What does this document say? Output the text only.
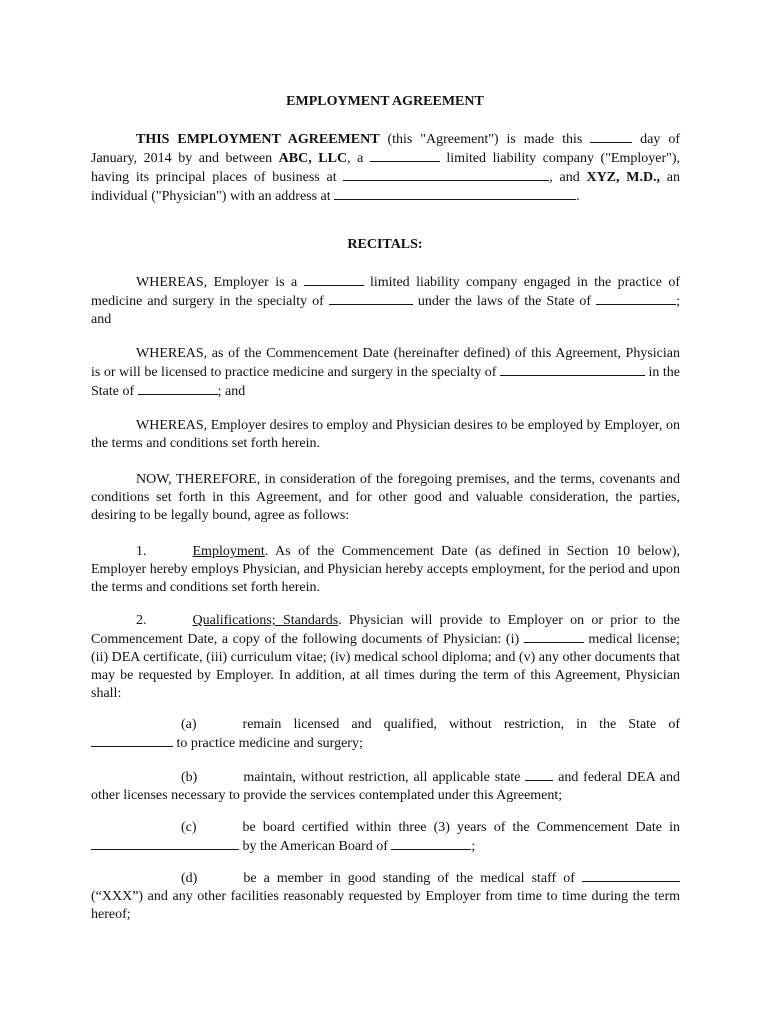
EMPLOYMENT AGREEMENT
THIS EMPLOYMENT AGREEMENT (this "Agreement") is made this	day of January, 2014 by and between ABC, LLC, a	limited liability company ("Employer"), having its principal places of business at	, and XYZ, M.D., an individual ("Physician") with an address at	.
RECITALS:
WHEREAS, Employer is a	limited liability company engaged in the practice of medicine and surgery in the specialty of	under the laws of the State of	; and
WHEREAS, as of the Commencement Date (hereinafter defined) of this Agreement, Physician is or will be licensed to practice medicine and surgery in the specialty of	in the State of	; and
WHEREAS, Employer desires to employ and Physician desires to be employed by Employer, on the terms and conditions set forth herein.
NOW, THEREFORE, in consideration of the foregoing premises, and the terms, covenants and conditions set forth in this Agreement, and for other good and valuable consideration, the parties, desiring to be legally bound, agree as follows:
1.	Employment. As of the Commencement Date (as defined in Section 10 below), Employer hereby employs Physician, and Physician hereby accepts employment, for the period and upon the terms and conditions set forth herein.
2.	Qualifications; Standards. Physician will provide to Employer on or prior to the Commencement Date, a copy of the following documents of Physician: (i)	medical license; (ii) DEA certificate, (iii) curriculum vitae; (iv) medical school diploma; and (v) any other documents that may be requested by Employer. In addition, at all times during the term of this Agreement, Physician shall:
(a)	remain licensed and qualified, without restriction, in the State of  to practice medicine and surgery;
(b)	maintain, without restriction, all applicable state  and federal DEA and other licenses necessary to provide the services contemplated under this Agreement;
(c)	be board certified within three (3) years of the Commencement Date in  by the American Board of	;
(d)	be a member in good standing of the medical staff of  (“XXX”) and any other facilities reasonably requested by Employer from time to time during the term hereof;
